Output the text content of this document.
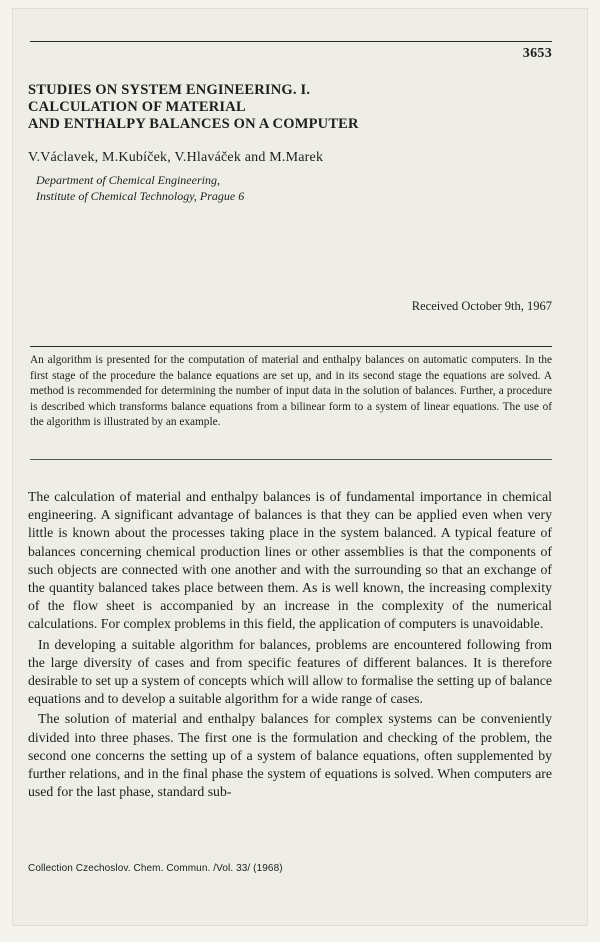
3653
STUDIES ON SYSTEM ENGINEERING. I.
CALCULATION OF MATERIAL
AND ENTHALPY BALANCES ON A COMPUTER
V.Václavek, M.Kubíček, V.Hlaváček and M.Marek
Department of Chemical Engineering,
Institute of Chemical Technology, Prague 6
Received October 9th, 1967

An algorithm is presented for the computation of material and enthalpy balances on automatic computers. In the first stage of the procedure the balance equations are set up, and in its second stage the equations are solved. A method is recommended for determining the number of input data in the solution of balances. Further, a procedure is described which transforms balance equations from a bilinear form to a system of linear equations. The use of the algorithm is illustrated by an example.

The calculation of material and enthalpy balances is of fundamental importance in chemical engineering. A significant advantage of balances is that they can be applied even when very little is known about the processes taking place in the system balanced. A typical feature of balances concerning chemical production lines or other assemblies is that the components of such objects are connected with one another and with the surrounding so that an exchange of the quantity balanced takes place between them. As is well known, the increasing complexity of the flow sheet is accompanied by an increase in the complexity of the numerical calculations. For complex problems in this field, the application of computers is unavoidable.

In developing a suitable algorithm for balances, problems are encountered following from the large diversity of cases and from specific features of different balances. It is therefore desirable to set up a system of concepts which will allow to formalise the setting up of balance equations and to develop a suitable algorithm for a wide range of cases.

The solution of material and enthalpy balances for complex systems can be conveniently divided into three phases. The first one is the formulation and checking of the problem, the second one concerns the setting up of a system of balance equations, often supplemented by further relations, and in the final phase the system of equations is solved. When computers are used for the last phase, standard sub-

Collection Czechoslov. Chem. Commun. /Vol. 33/ (1968)
